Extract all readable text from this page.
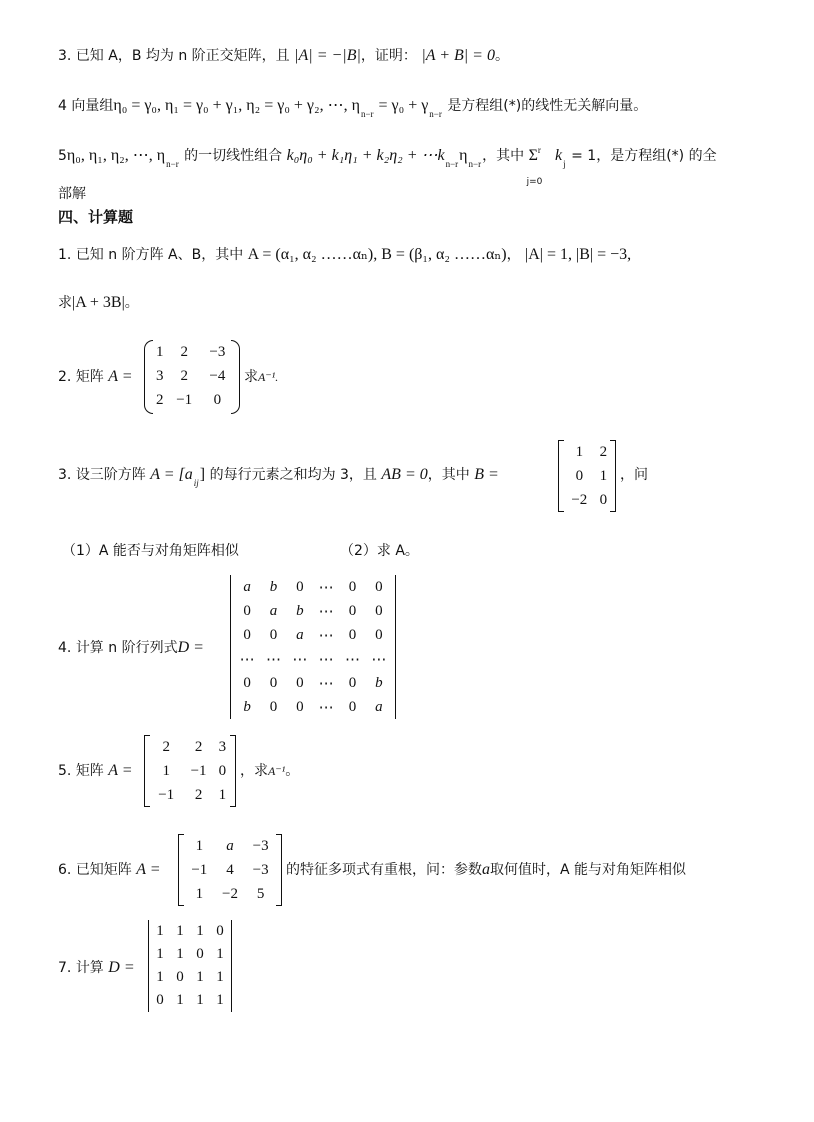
3. 已知 A，B 均为 n 阶正交矩阵，且 |A| = −|B|，证明： |A + B| = 0。
4 向量组η₀ = γ₀, η₁ = γ₀ + γ₁, η₂ = γ₀ + γ₂, ⋯, $\eta_{n-r} = \gamma_0 + \gamma_{n-r}$ 是方程组(*)的线性无关解向量。
5η₀, η₁, η₂, ⋯, $\eta_{n-r}$ 的一切线性组合 $k_0\eta_0 + k_1\eta_1 + k_2\eta_2 + \cdots k_{n-r}\eta_{n-r}$，其中 $\Sigma^r$
j=0
$k_j = 1$，是方程组(*) 的全
部解
四、计算题
1. 已知 n 阶方阵 A、B，其中 A = (α₁, α₂ ……αₙ), B = (β₁, α₂ ……αₙ)， |A| = 1, |B| = −3,
求|A + 3B|。
2. 矩阵 A =
1	2	−3
3	2	−4
2	−1	0
求A⁻¹.
3. 设三阶方阵 $A = [a_{ij}]$ 的每行元素之和均为 3，且 AB = 0，其中 B =
1	2
0	1
−2	0
，问
（1）A 能否与对角矩阵相似	（2）求 A。
4. 计算 n 阶行列式D =
a	b	0	⋯	0	0
0	a	b	⋯	0	0
0	0	a	⋯	0	0
⋯	⋯	⋯	⋯	⋯	⋯
0	0	0	⋯	0	b
b	0	0	⋯	0	a
5. 矩阵 A =
2	2	3
1	−1	0
−1	2	1
，求A⁻¹。
6. 已知矩阵 A =
1	a	−3
−1	4	−3
1	−2	5
的特征多项式有重根，问：参数a取何值时，A 能与对角矩阵相似
7. 计算 D =
1	1	1	0
1	1	0	1
1	0	1	1
0	1	1	1
